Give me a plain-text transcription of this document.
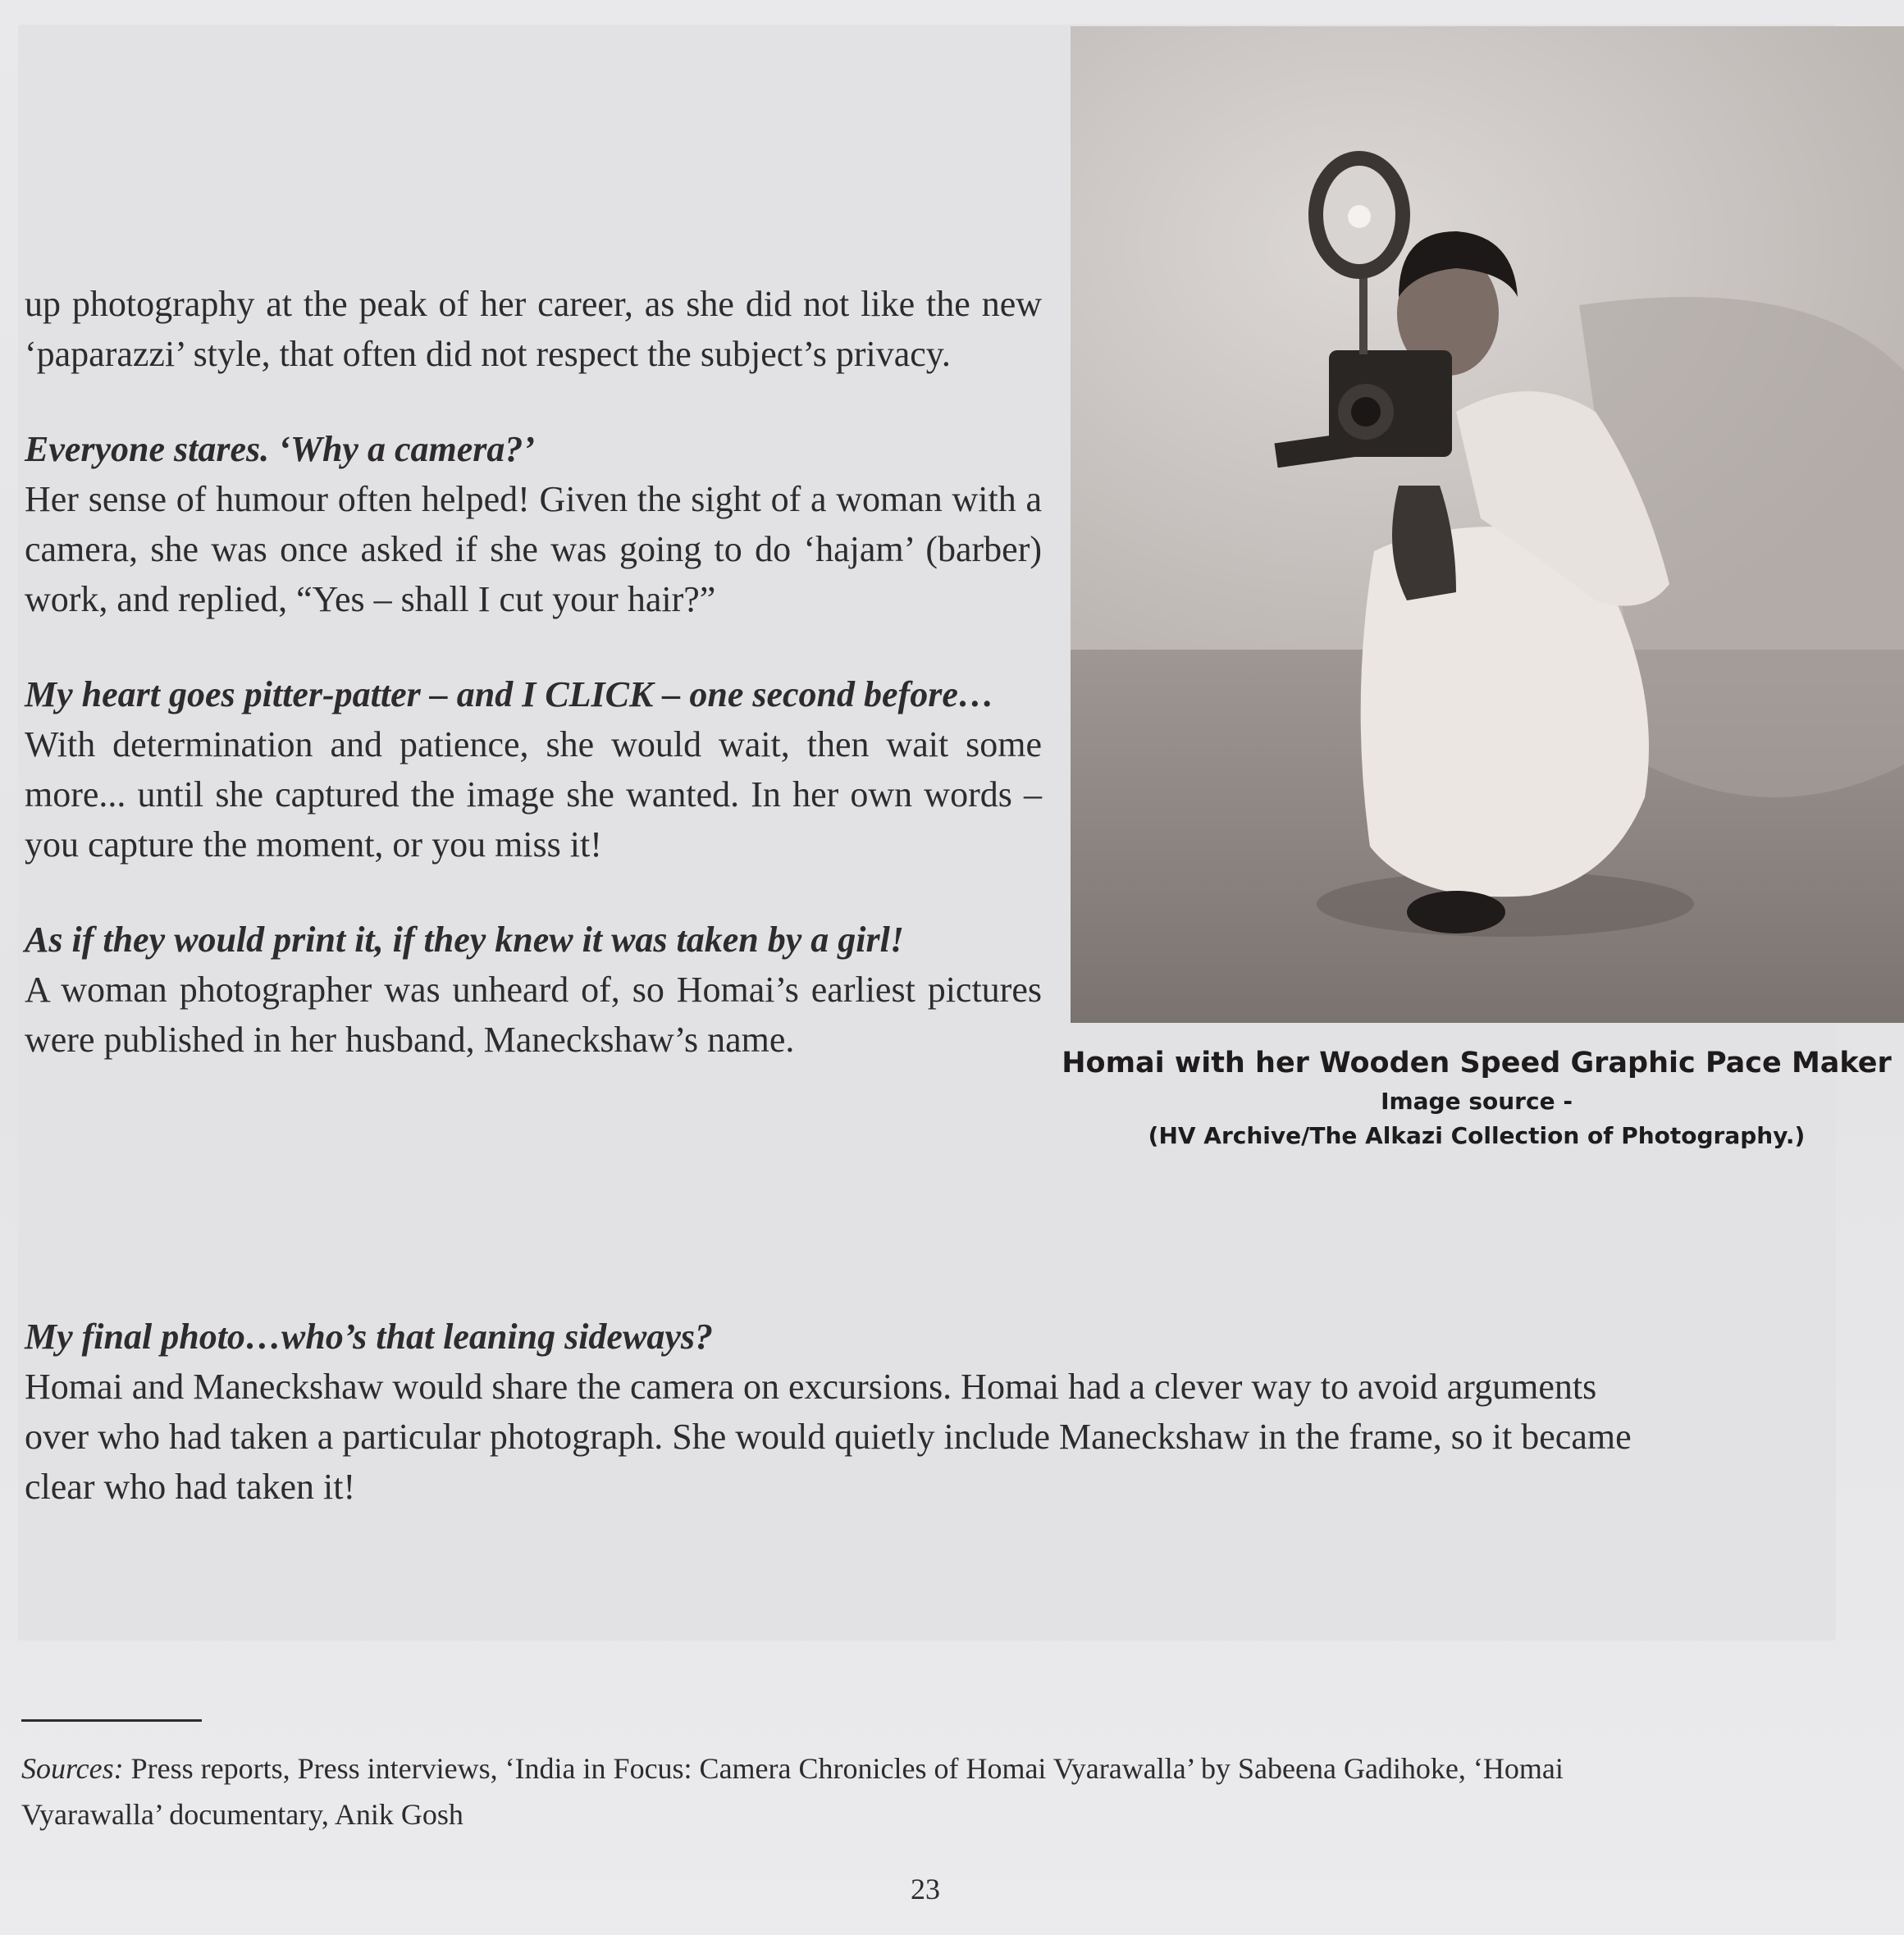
up photography at the peak of her career, as she did not like the new ‘paparazzi’ style, that often did not respect the subject’s privacy.

Everyone stares. ‘Why a camera?’

Her sense of humour often helped! Given the sight of a woman with a camera, she was once asked if she was going to do ‘hajam’ (barber) work, and replied, “Yes – shall I cut your hair?”

My heart goes pitter-patter – and I CLICK – one second before…

With determination and patience, she would wait, then wait some more... until she captured the image she wanted. In her own words – you capture the moment, or you miss it!

As if they would print it, if they knew it was taken by a girl!

A woman photographer was unheard of, so Homai’s earliest pictures were published in her husband, Maneckshaw’s name.

My final photo…who’s that leaning sideways?

Homai and Maneckshaw would share the camera on excursions. Homai had a clever way to avoid arguments over who had taken a particular photograph. She would quietly include Maneckshaw in the frame, so it became clear who had taken it!

Homai with her Wooden Speed Graphic Pace Maker
Image source -
(HV Archive/The Alkazi Collection of Photography.)
Sources: Press reports, Press interviews, ‘India in Focus: Camera Chronicles of Homai Vyarawalla’ by Sabeena Gadihoke, ‘Homai Vyarawalla’ documentary, Anik Gosh
23
